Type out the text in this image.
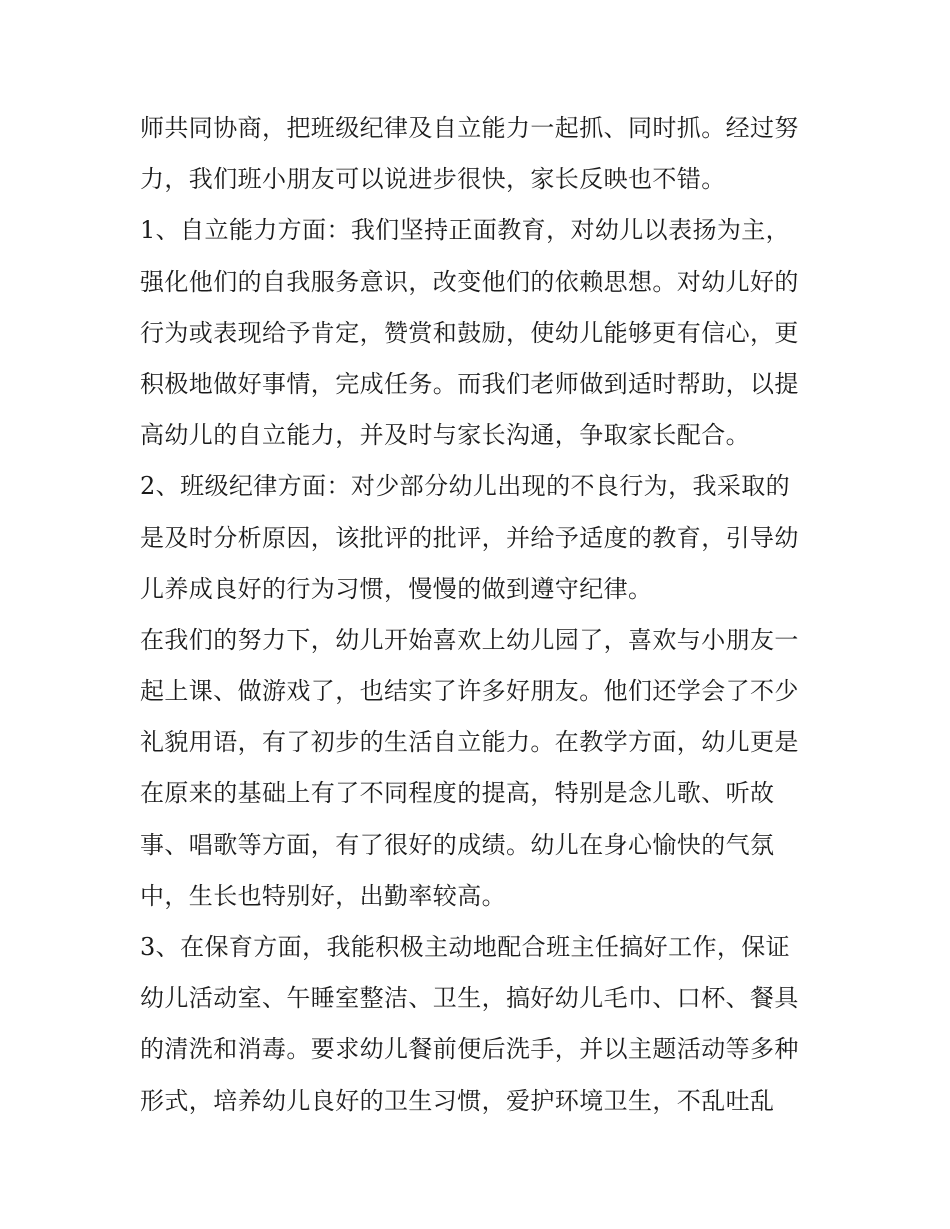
师共同协商，把班级纪律及自立能力一起抓、同时抓。经过努
力，我们班小朋友可以说进步很快，家长反映也不错。
1、自立能力方面：我们坚持正面教育，对幼儿以表扬为主，
强化他们的自我服务意识，改变他们的依赖思想。对幼儿好的
行为或表现给予肯定，赞赏和鼓励，使幼儿能够更有信心，更
积极地做好事情，完成任务。而我们老师做到适时帮助，以提
高幼儿的自立能力，并及时与家长沟通，争取家长配合。
2、班级纪律方面：对少部分幼儿出现的不良行为，我采取的
是及时分析原因，该批评的批评，并给予适度的教育，引导幼
儿养成良好的行为习惯，慢慢的做到遵守纪律。
在我们的努力下，幼儿开始喜欢上幼儿园了，喜欢与小朋友一
起上课、做游戏了，也结实了许多好朋友。他们还学会了不少
礼貌用语，有了初步的生活自立能力。在教学方面，幼儿更是
在原来的基础上有了不同程度的提高，特别是念儿歌、听故
事、唱歌等方面，有了很好的成绩。幼儿在身心愉快的气氛
中，生长也特别好，出勤率较高。
3、在保育方面，我能积极主动地配合班主任搞好工作，保证
幼儿活动室、午睡室整洁、卫生，搞好幼儿毛巾、口杯、餐具
的清洗和消毒。要求幼儿餐前便后洗手，并以主题活动等多种
形式，培养幼儿良好的卫生习惯，爱护环境卫生，不乱吐乱
